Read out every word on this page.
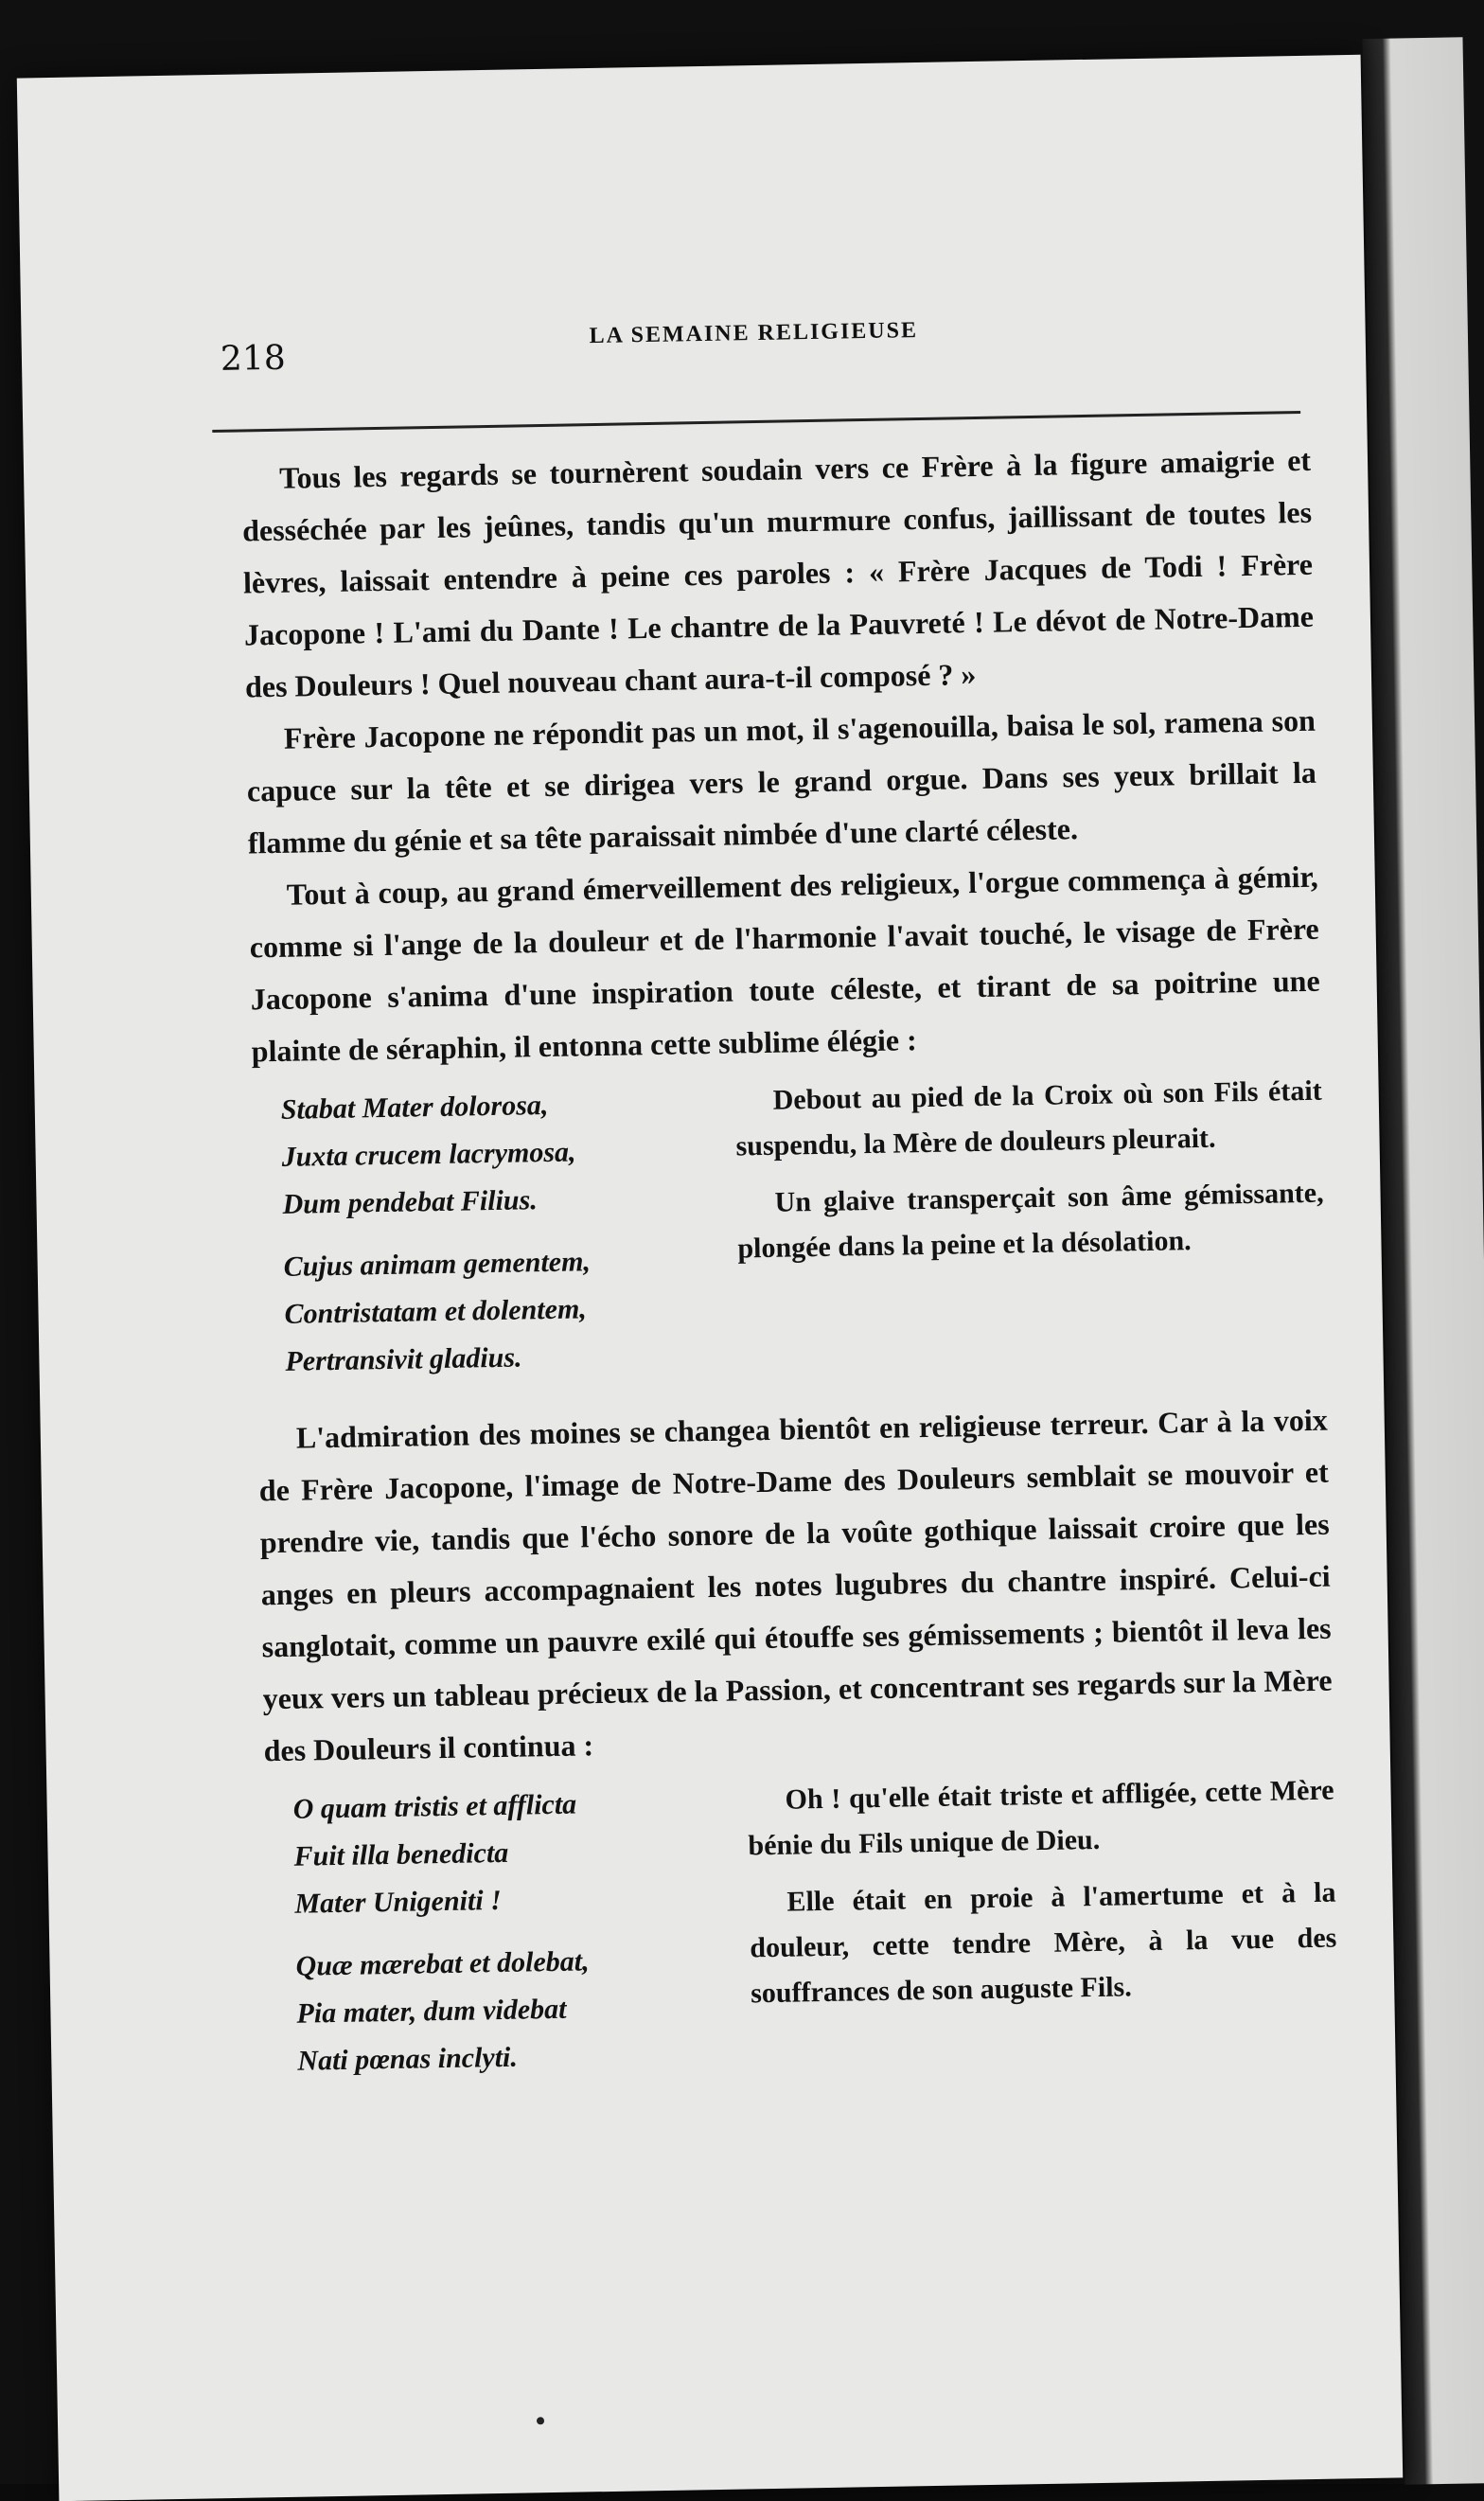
218
LA SEMAINE RELIGIEUSE

Tous les regards se tournèrent soudain vers ce Frère à la figure amaigrie et desséchée par les jeûnes, tandis qu'un murmure confus, jaillissant de toutes les lèvres, laissait entendre à peine ces paroles : « Frère Jacques de Todi ! Frère Jacopone ! L'ami du Dante ! Le chantre de la Pauvreté ! Le dévot de Notre-Dame des Douleurs ! Quel nouveau chant aura-t-il composé ? »

Frère Jacopone ne répondit pas un mot, il s'agenouilla, baisa le sol, ramena son capuce sur la tête et se dirigea vers le grand orgue. Dans ses yeux brillait la flamme du génie et sa tête paraissait nimbée d'une clarté céleste.

Tout à coup, au grand émerveillement des religieux, l'orgue commença à gémir, comme si l'ange de la douleur et de l'harmonie l'avait touché, le visage de Frère Jacopone s'anima d'une inspiration toute céleste, et tirant de sa poitrine une plainte de séraphin, il entonna cette sublime élégie :

Stabat Mater dolorosa,
Juxta crucem lacrymosa,
Dum pendebat Filius.
Cujus animam gementem,
Contristatam et dolentem,
Pertransivit gladius.

Debout au pied de la Croix où son Fils était suspendu, la Mère de douleurs pleurait.

Un glaive transperçait son âme gémissante, plongée dans la peine et la désolation.

L'admiration des moines se changea bientôt en religieuse terreur. Car à la voix de Frère Jacopone, l'image de Notre-Dame des Douleurs semblait se mouvoir et prendre vie, tandis que l'écho sonore de la voûte gothique laissait croire que les anges en pleurs accompagnaient les notes lugubres du chantre inspiré. Celui-ci sanglotait, comme un pauvre exilé qui étouffe ses gémissements ; bientôt il leva les yeux vers un tableau précieux de la Passion, et concentrant ses regards sur la Mère des Douleurs il continua :

O quam tristis et afflicta
Fuit illa benedicta
Mater Unigeniti !
Quæ mærebat et dolebat,
Pia mater, dum videbat
Nati pœnas inclyti.

Oh ! qu'elle était triste et affligée, cette Mère bénie du Fils unique de Dieu.

Elle était en proie à l'amertume et à la douleur, cette tendre Mère, à la vue des souffrances de son auguste Fils.
